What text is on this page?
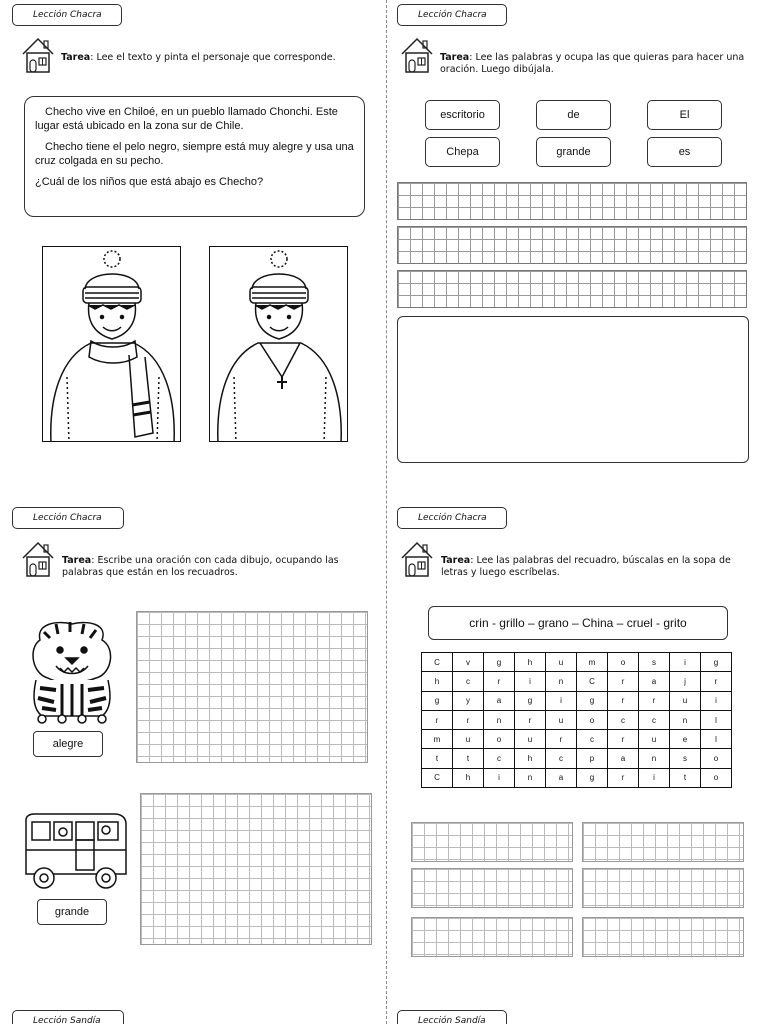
Lección Chacra
Tarea: Lee el texto y pinta el personaje que corresponde.

Checho vive en Chiloé, en un pueblo llamado Chonchi. Este lugar está ubicado en la zona sur de Chile.

Checho tiene el pelo negro, siempre está muy alegre y usa una cruz colgada en su pecho.

¿Cuál de los niños que está abajo es Checho?

Lección Chacra
Tarea: Lee las palabras y ocupa las que quieras para hacer una oración. Luego dibújala.
escritorio	de	El
Chepa	grande	es
Lección Chacra
Tarea: Escribe una oración con cada dibujo, ocupando las palabras que están en los recuadros.
alegre
grande
Lección Chacra
Tarea: Lee las palabras del recuadro, búscalas en la sopa de letras y luego escríbelas.
crin - grillo – grano – China – cruel - grito
C	v	g	h	u	m	o	s	i	g
h	c	r	i	n	C	r	a	j	r
g	y	a	g	i	g	r	r	u	i
r	r	n	r	u	o	c	c	n	l
m	u	o	u	r	c	r	u	e	l
t	t	c	h	c	p	a	n	s	o
C	h	i	n	a	g	r	i	t	o
Lección Sandía	Lección Sandía
